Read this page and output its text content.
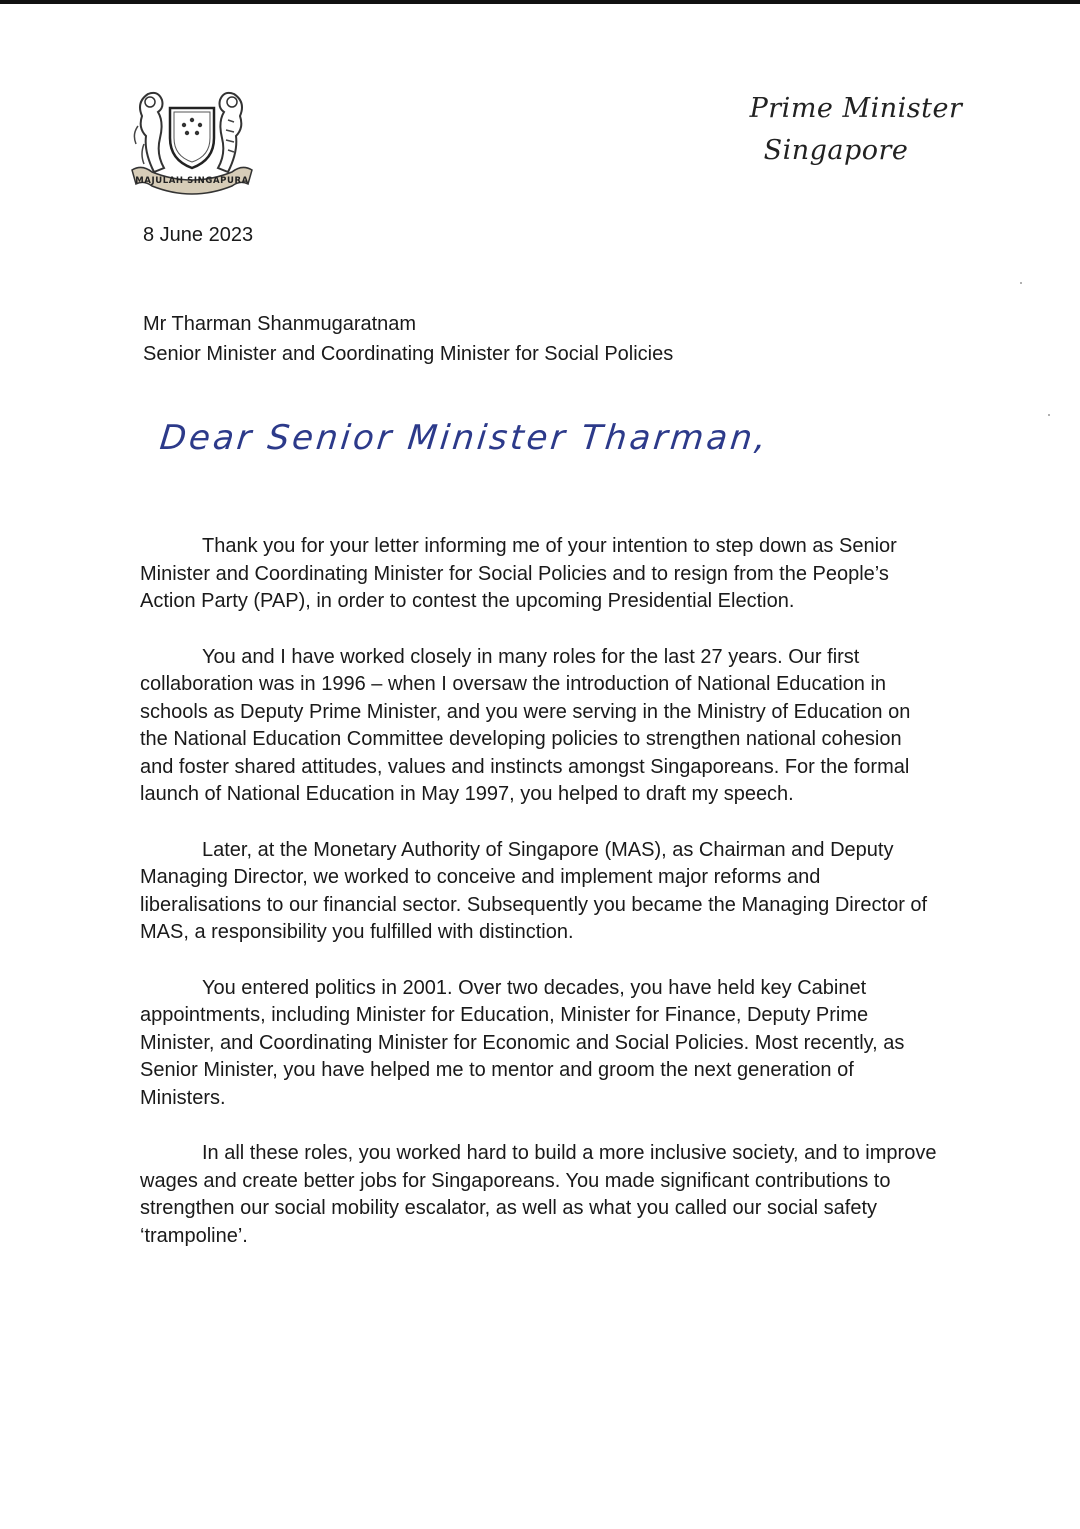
MAJULAH SINGAPURA
Prime Minister
Singapore
8 June 2023
Mr Tharman Shanmugaratnam
Senior Minister and Coordinating Minister for Social Policies
Dear Senior Minister Tharman,

Thank you for your letter informing me of your intention to step down as Senior Minister and Coordinating Minister for Social Policies and to resign from the People’s Action Party (PAP), in order to contest the upcoming Presidential Election.

You and I have worked closely in many roles for the last 27 years. Our first collaboration was in 1996 – when I oversaw the introduction of National Education in schools as Deputy Prime Minister, and you were serving in the Ministry of Education on the National Education Committee developing policies to strengthen national cohesion and foster shared attitudes, values and instincts amongst Singaporeans. For the formal launch of National Education in May 1997, you helped to draft my speech.

Later, at the Monetary Authority of Singapore (MAS), as Chairman and Deputy Managing Director, we worked to conceive and implement major reforms and liberalisations to our financial sector. Subsequently you became the Managing Director of MAS, a responsibility you fulfilled with distinction.

You entered politics in 2001. Over two decades, you have held key Cabinet appointments, including Minister for Education, Minister for Finance, Deputy Prime Minister, and Coordinating Minister for Economic and Social Policies. Most recently, as Senior Minister, you have helped me to mentor and groom the next generation of Ministers.

In all these roles, you worked hard to build a more inclusive society, and to improve wages and create better jobs for Singaporeans. You made significant contributions to strengthen our social mobility escalator, as well as what you called our social safety ‘trampoline’.
